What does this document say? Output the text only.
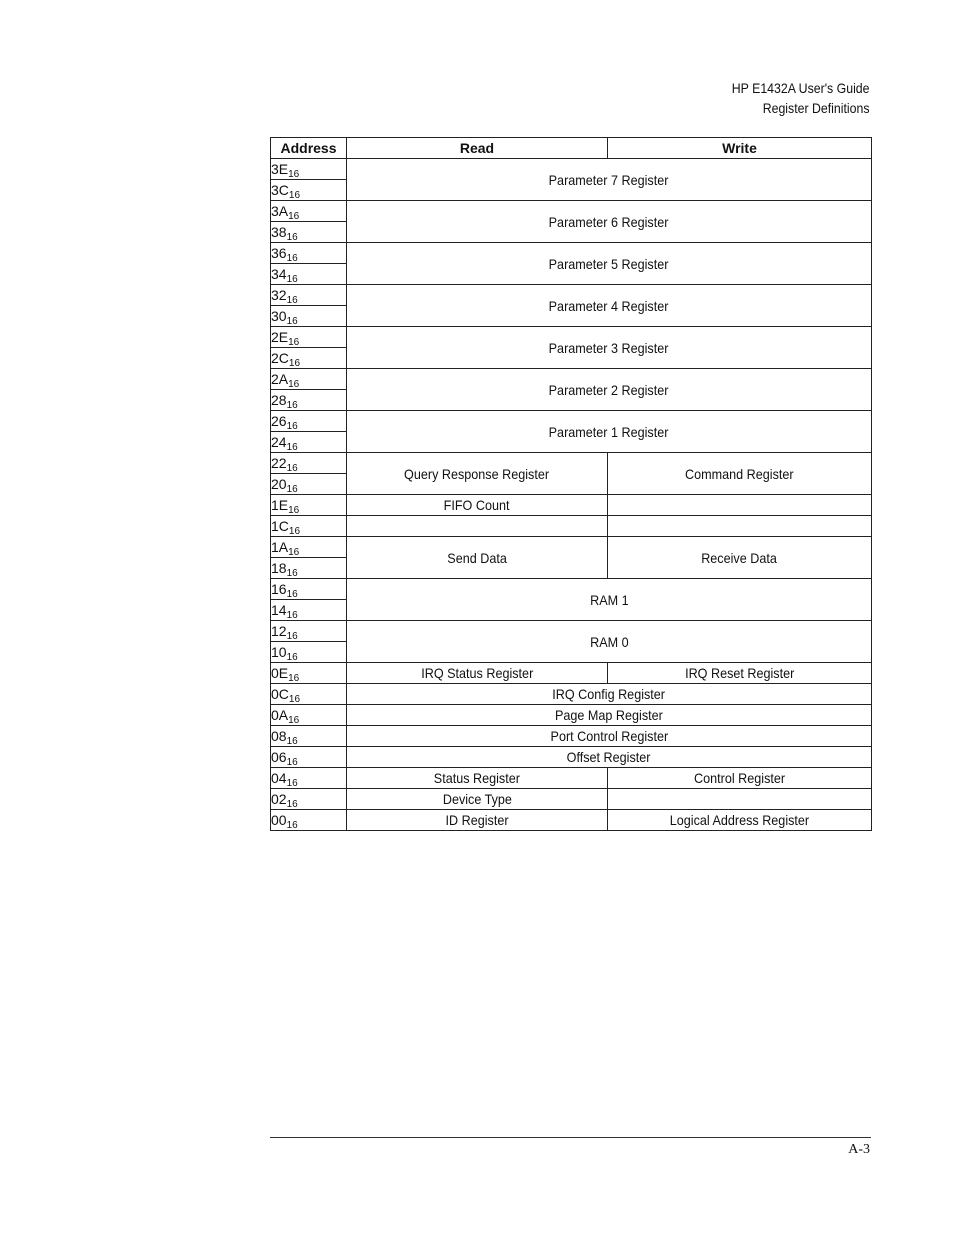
HP E1432A User's Guide
Register Definitions
Address	Read	Write
$3E_{16}$	Parameter 7 Register	
$3C_{16}$
$3A_{16}$	Parameter 6 Register	
$38_{16}$
$36_{16}$	Parameter 5 Register	
$34_{16}$
$32_{16}$	Parameter 4 Register	
$30_{16}$
$2E_{16}$	Parameter 3 Register	
$2C_{16}$
$2A_{16}$	Parameter 2 Register	
$28_{16}$
$26_{16}$	Parameter 1 Register	
$24_{16}$
$22_{16}$	Query Response Register	Command Register
$20_{16}$
$1E_{16}$	FIFO Count	
$1C_{16}$		
$1A_{16}$	Send Data	Receive Data
$18_{16}$
$16_{16}$	RAM 1	
$14_{16}$
$12_{16}$	RAM 0	
$10_{16}$
$0E_{16}$	IRQ Status Register	IRQ Reset Register
$0C_{16}$	IRQ Config Register	
$0A_{16}$	Page Map Register	
$08_{16}$	Port Control Register	
$06_{16}$	Offset Register	
$04_{16}$	Status Register	Control Register
$02_{16}$	Device Type	
$00_{16}$	ID Register	Logical Address Register
A-3
